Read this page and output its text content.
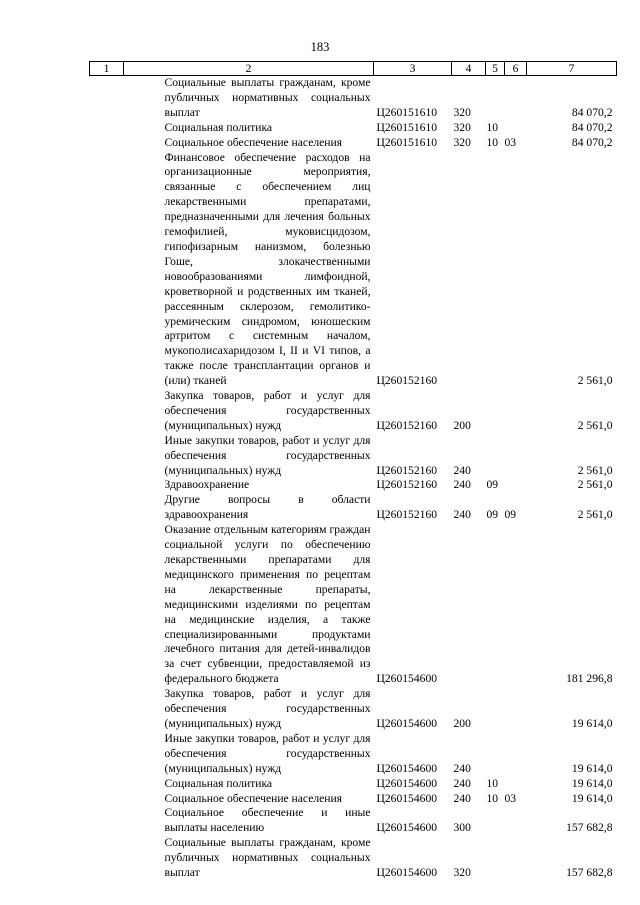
183
1	2	3	4	5	6	7
	Социальные выплаты гражданам, кроме публичных нормативных социальных выплат	Ц260151610	320			84 070,2
	Социальная политика	Ц260151610	320	10		84 070,2
	Социальное обеспечение населения	Ц260151610	320	10	03	84 070,2
	Финансовое обеспечение расходов на организационные мероприятия, связанные с обеспечением лиц лекарственными препаратами, предназначенными для лечения больных гемофилией, муковисцидозом, гипофизарным нанизмом, болезнью Гоше, злокачественными новообразованиями лимфоидной, кроветворной и родственных им тканей, рассеянным склерозом, гемолитико-уремическим синдромом, юношеским артритом с системным началом, мукополисахаридозом I, II и VI типов, а также после трансплантации органов и (или) тканей	Ц260152160				2 561,0
	Закупка товаров, работ и услуг для обеспечения государственных (муниципальных) нужд	Ц260152160	200			2 561,0
	Иные закупки товаров, работ и услуг для обеспечения государственных (муниципальных) нужд	Ц260152160	240			2 561,0
	Здравоохранение	Ц260152160	240	09		2 561,0
	Другие вопросы в области здравоохранения	Ц260152160	240	09	09	2 561,0
	Оказание отдельным категориям граждан социальной услуги по обеспечению лекарственными препаратами для медицинского применения по рецептам на лекарственные препараты, медицинскими изделиями по рецептам на медицинские изделия, а также специализированными продуктами лечебного питания для детей-инвалидов за счет субвенции, предоставляемой из федерального бюджета	Ц260154600				181 296,8
	Закупка товаров, работ и услуг для обеспечения государственных (муниципальных) нужд	Ц260154600	200			19 614,0
	Иные закупки товаров, работ и услуг для обеспечения государственных (муниципальных) нужд	Ц260154600	240			19 614,0
	Социальная политика	Ц260154600	240	10		19 614,0
	Социальное обеспечение населения	Ц260154600	240	10	03	19 614,0
	Социальное обеспечение и иные выплаты населению	Ц260154600	300			157 682,8
	Социальные выплаты гражданам, кроме публичных нормативных социальных выплат	Ц260154600	320			157 682,8
